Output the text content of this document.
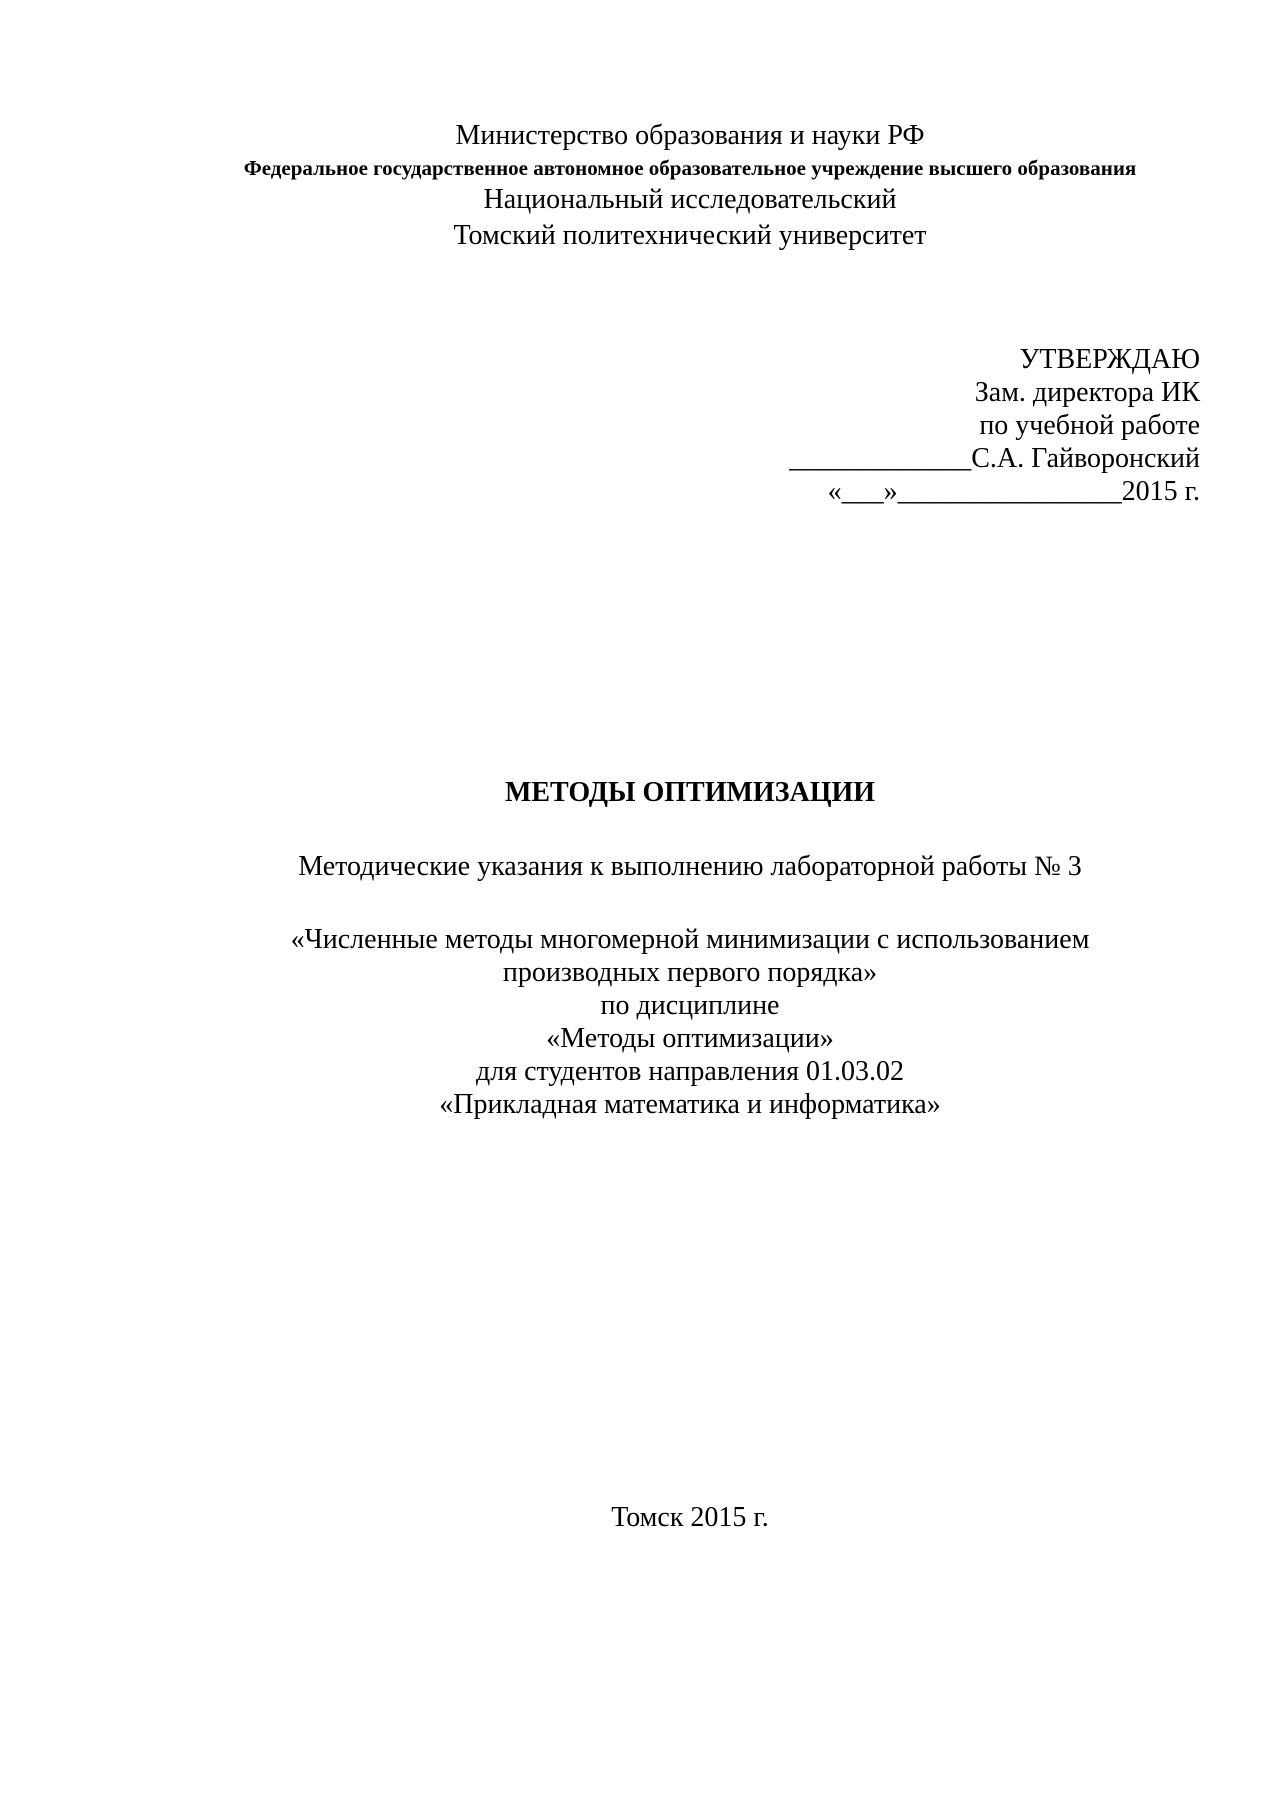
Министерство образования и науки РФ
Федеральное государственное автономное образовательное учреждение высшего образования
Национальный исследовательский
Томский политехнический университет
УТВЕРЖДАЮ
Зам. директора ИК
по учебной работе
_____________С.А. Гайворонский
«___»________________2015 г.
МЕТОДЫ ОПТИМИЗАЦИИ
Методические указания к выполнению лабораторной работы № 3
«Численные методы многомерной минимизации с использованием
производных первого порядка»
по дисциплине
«Методы оптимизации»
для студентов направления 01.03.02
«Прикладная математика и информатика»
Томск 2015 г.
